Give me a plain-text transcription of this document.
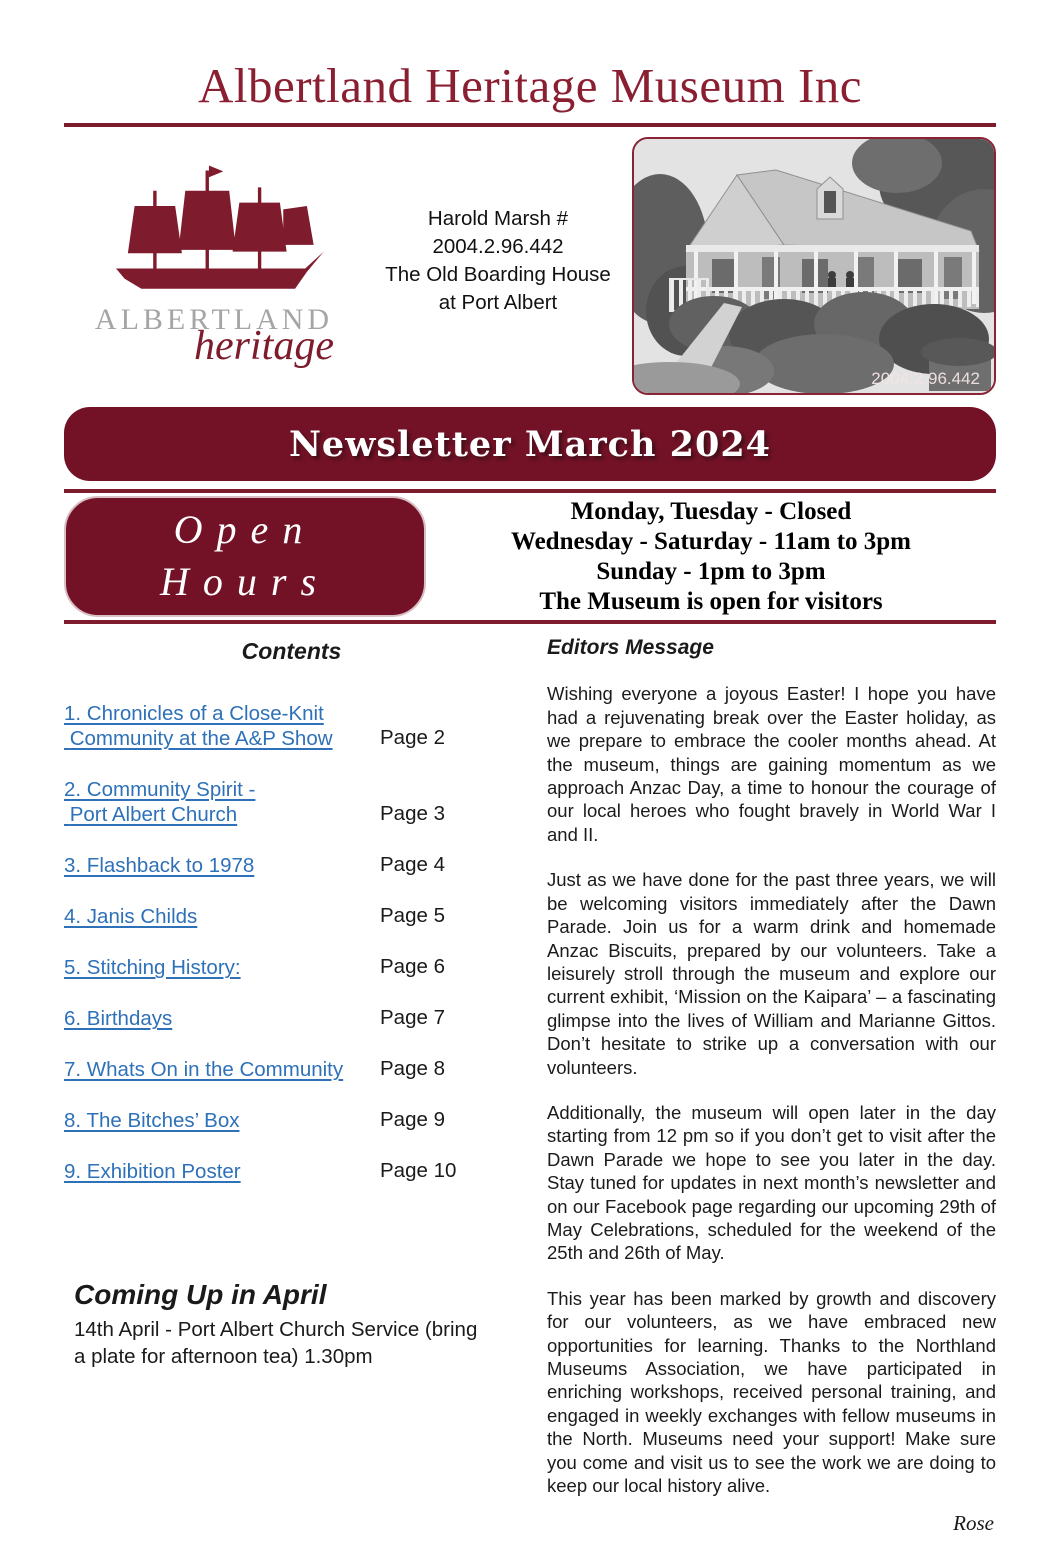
Albertland Heritage Museum Inc
ALBERTLAND
heritage
Harold Marsh #
2004.2.96.442
The Old Boarding House
at Port Albert
2004.2.96.442
Newsletter March 2024
Open
Hours
Monday, Tuesday - Closed
Wednesday - Saturday - 11am to 3pm
Sunday - 1pm to 3pm
The Museum is open for visitors
Contents
1. Chronicles of a Close-Knit
Community at the A&P Show	Page 2
2. Community Spirit -
Port Albert Church	Page 3
3. Flashback to 1978	Page 4
4. Janis Childs	Page 5
5. Stitching History:	Page 6
6. Birthdays	Page 7
7. Whats On in the Community	Page 8
8. The Bitches’ Box	Page 9
9. Exhibition Poster	Page 10
Coming Up in April
14th April - Port Albert Church Service (bring a plate for afternoon tea) 1.30pm
Editors Message
Wishing everyone a joyous Easter! I hope you have had a rejuvenating break over the Easter holiday, as we prepare to embrace the cooler months ahead. At the museum, things are gaining momentum as we approach Anzac Day, a time to honour the courage of our local heroes who fought bravely in World War I and II.
Just as we have done for the past three years, we will be welcoming visitors immediately after the Dawn Parade. Join us for a warm drink and homemade Anzac Biscuits, prepared by our volunteers. Take a leisurely stroll through the museum and explore our current exhibit, ‘Mission on the Kaipara’ – a fascinating glimpse into the lives of William and Marianne Gittos. Don’t hesitate to strike up a conversation with our volunteers.
Additionally, the museum will open later in the day starting from 12 pm so if you don’t get to visit after the Dawn Parade we hope to see you later in the day. Stay tuned for updates in next month’s newsletter and on our Facebook page regarding our upcoming 29th of May Celebrations, scheduled for the weekend of the 25th and 26th of May.
This year has been marked by growth and discovery for our volunteers, as we have embraced new opportunities for learning. Thanks to the Northland Museums Association, we have participated in enriching workshops, received personal training, and engaged in weekly exchanges with fellow museums in the North. Museums need your support! Make sure you come and visit us to see the work we are doing to keep our local history alive.
Rose
